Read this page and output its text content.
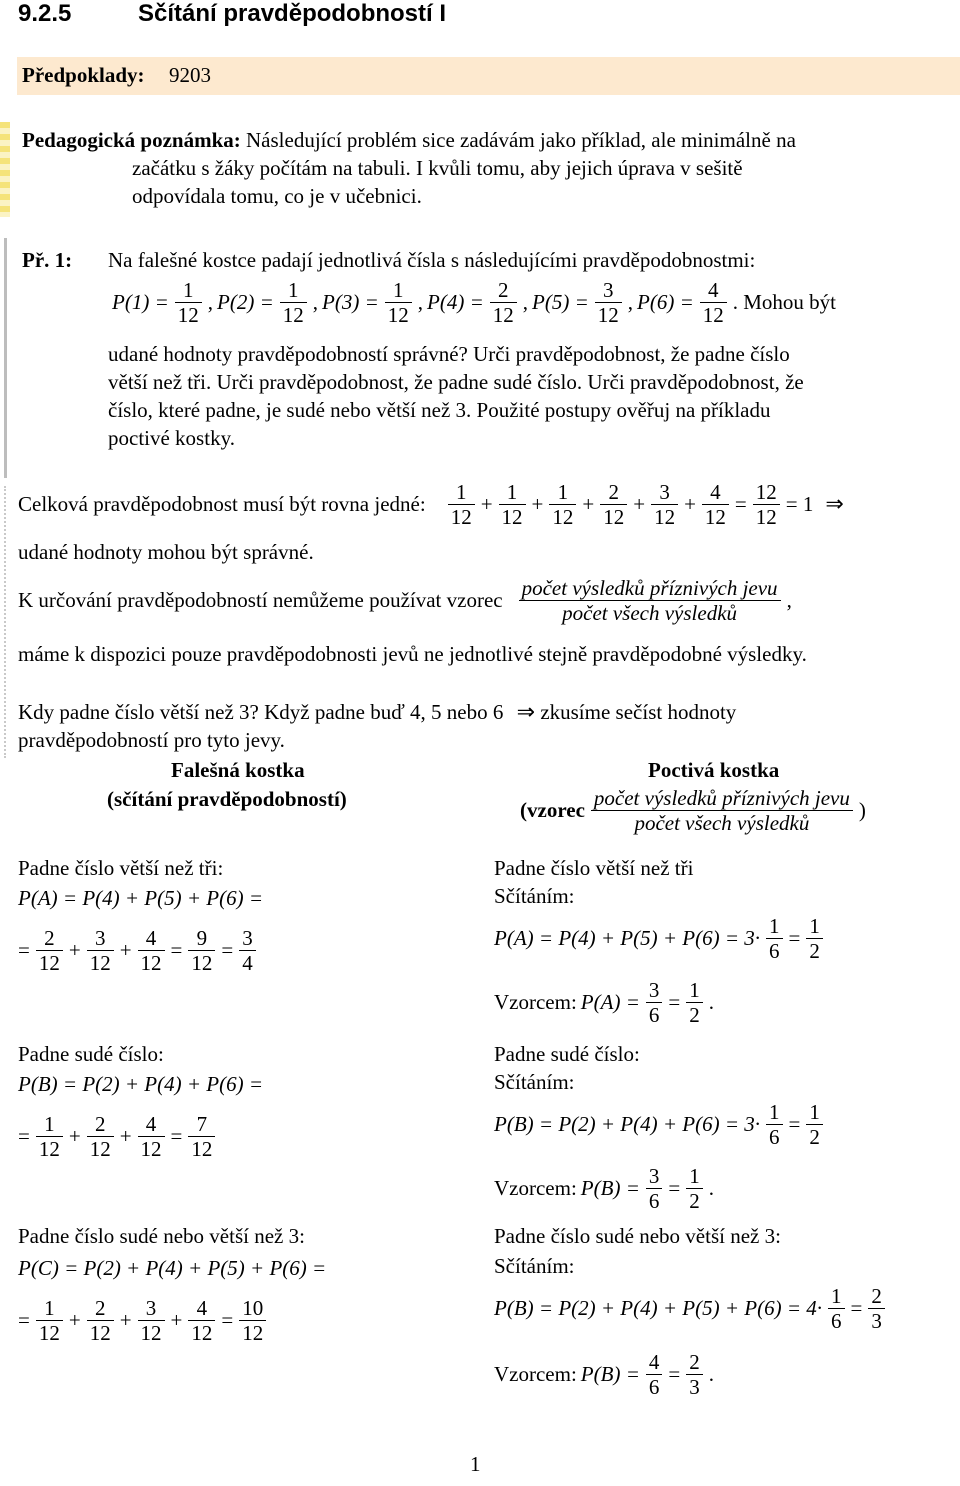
9.2.5	Sčítání pravděpodobností I
Předpoklady: 9203
Pedagogická poznámka: Následující problém sice zadávám jako příklad, ale minimálně na
začátku s žáky počítám na tabuli. I kvůli tomu, aby jejich úprava v sešitě
odpovídala tomu, co je v učebnici.
Př. 1: Na falešné kostce padají jednotlivá čísla s následujícími pravděpodobnostmi:
$P(1) = \frac{1}{12}$ , $P(2) = \frac{1}{12}$ , $P(3) = \frac{1}{12}$ , $P(4) = \frac{2}{12}$ , $P(5) = \frac{3}{12}$ , $P(6) = \frac{4}{12}$ . Mohou být
udané hodnoty pravděpodobností správné? Urči pravděpodobnost, že padne číslo
větší než tři. Urči pravděpodobnost, že padne sudé číslo. Urči pravděpodobnost, že
číslo, které padne, je sudé nebo větší než 3. Použité postupy ověřuj na příkladu
poctivé kostky.
Celková pravděpodobnost musí být rovna jedné: $\frac{1}{12} + \frac{1}{12} + \frac{1}{12} + \frac{2}{12} + \frac{3}{12} + \frac{4}{12} = \frac{12}{12} = 1$ ⇒
udané hodnoty mohou být správné.
K určování pravděpodobností nemůžeme používat vzorec $\frac{\text{počet výsledků příznivých jevu}}{\text{počet všech výsledků}}$ ,
máme k dispozici pouze pravděpodobnosti jevů ne jednotlivé stejně pravděpodobné výsledky.
Kdy padne číslo větší než 3? Když padne buď 4, 5 nebo 6 ⇒ zkusíme sečíst hodnoty
pravděpodobností pro tyto jevy.
Falešná kostka
(sčítání pravděpodobností)
Padne číslo větší než tři:
P(A) = P(4) + P(5) + P(6) =
= $\frac{2}{12} + \frac{3}{12} + \frac{4}{12} = \frac{9}{12} = \frac{3}{4}$
Padne sudé číslo:
P(B) = P(2) + P(4) + P(6) =
= $\frac{1}{12} + \frac{2}{12} + \frac{4}{12} = \frac{7}{12}$
Padne číslo sudé nebo větší než 3:
P(C) = P(2) + P(4) + P(5) + P(6) =
= $\frac{1}{12} + \frac{2}{12} + \frac{3}{12} + \frac{4}{12} = \frac{10}{12}$
Poctivá kostka
(vzorec $\frac{\text{počet výsledků příznivých jevu}}{\text{počet všech výsledků}}$ )
Padne číslo větší než tři
Sčítáním:
$P(A) = P(4) + P(5) + P(6) = 3\cdot \frac{1}{6} = \frac{1}{2}$
Vzorcem: $P(A) = \frac{3}{6} = \frac{1}{2}$ .
Padne sudé číslo:
Sčítáním:
$P(B) = P(2) + P(4) + P(6) = 3\cdot \frac{1}{6} = \frac{1}{2}$
Vzorcem: $P(B) = \frac{3}{6} = \frac{1}{2}$ .
Padne číslo sudé nebo větší než 3:
Sčítáním:
$P(B) = P(2) + P(4) + P(5) + P(6) = 4\cdot \frac{1}{6} = \frac{2}{3}$
Vzorcem: $P(B) = \frac{4}{6} = \frac{2}{3}$ .
1
